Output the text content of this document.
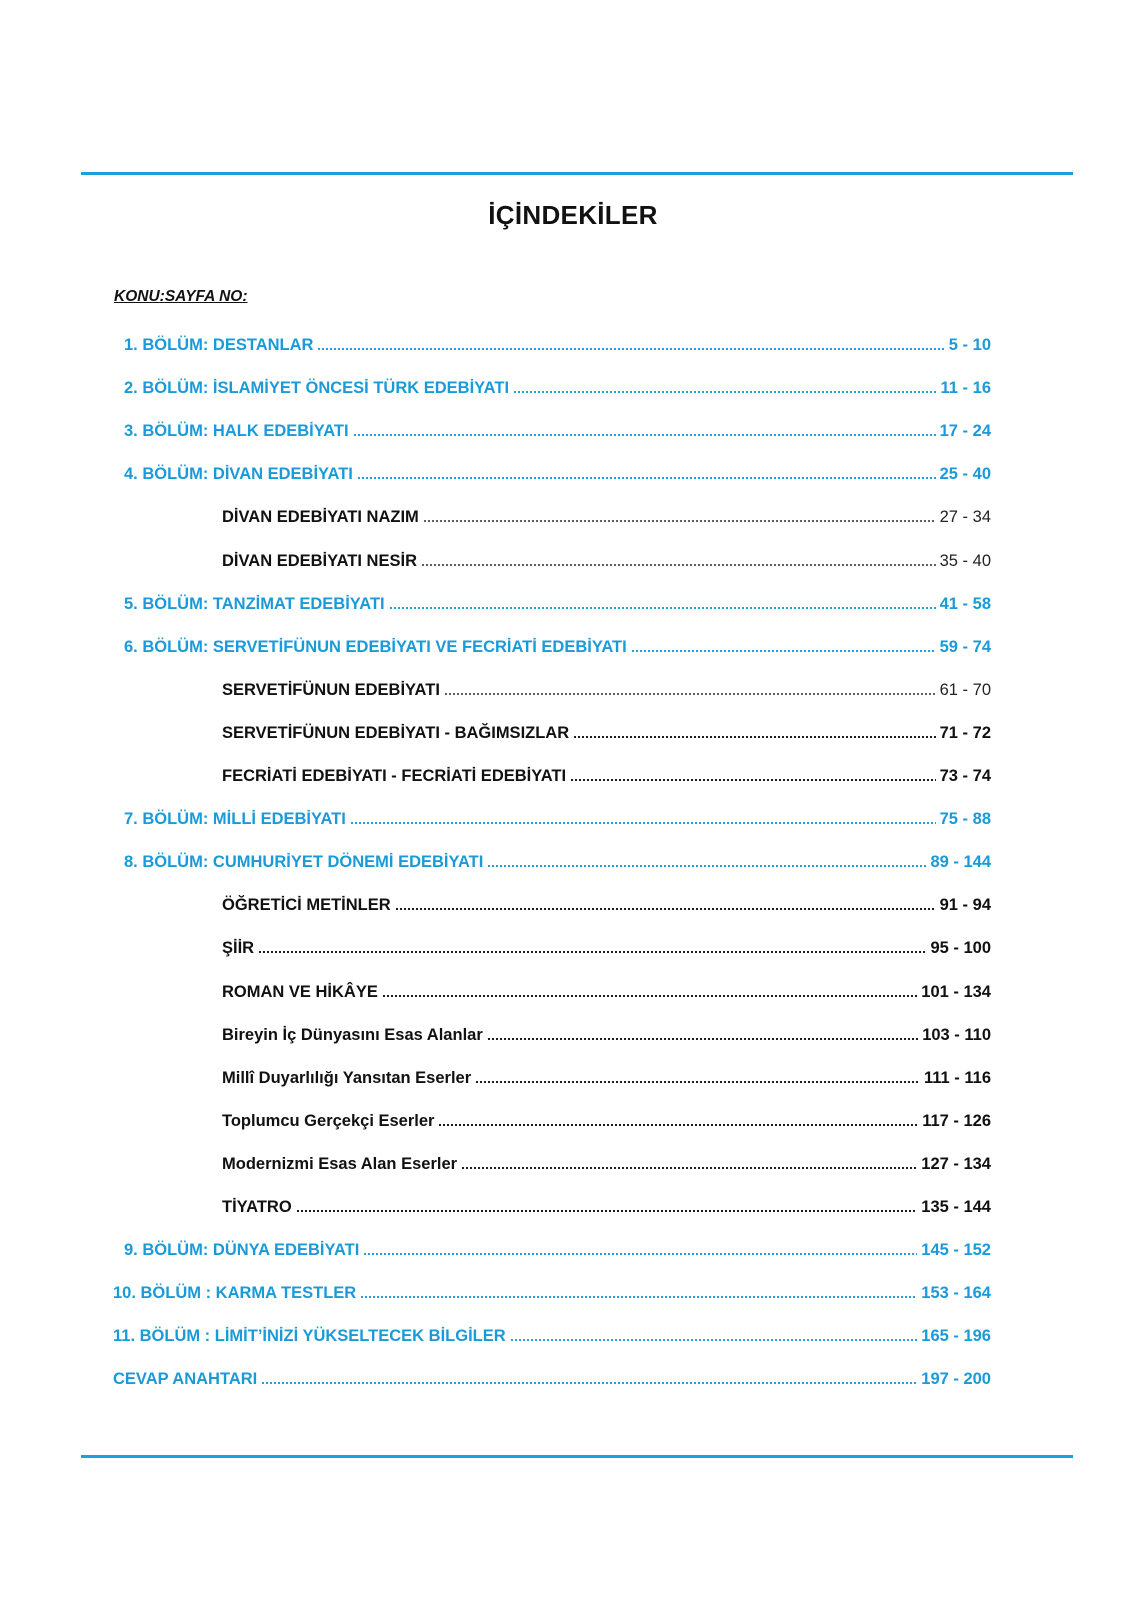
İÇİNDEKİLER
KONU:SAYFA NO:
1. BÖLÜM: DESTANLAR	5 - 10
2. BÖLÜM: İSLAMİYET ÖNCESİ TÜRK EDEBİYATI	11 - 16
3. BÖLÜM: HALK EDEBİYATI	17 - 24
4. BÖLÜM: DİVAN EDEBİYATI	25 - 40
DİVAN EDEBİYATI NAZIM	27 - 34
DİVAN EDEBİYATI NESİR	35 - 40
5. BÖLÜM: TANZİMAT EDEBİYATI	41 - 58
6. BÖLÜM: SERVETİFÜNUN EDEBİYATI VE FECRİATİ EDEBİYATI	59 - 74
SERVETİFÜNUN EDEBİYATI	61 - 70
SERVETİFÜNUN EDEBİYATI - BAĞIMSIZLAR	71 - 72
FECRİATİ EDEBİYATI - FECRİATİ EDEBİYATI	73 - 74
7. BÖLÜM: MİLLİ EDEBİYATI	75 - 88
8. BÖLÜM: CUMHURİYET DÖNEMİ EDEBİYATI	89 - 144
ÖĞRETİCİ METİNLER	91 - 94
ŞİİR	95 - 100
ROMAN VE HİKÂYE	101 - 134
Bireyin İç Dünyasını Esas Alanlar	103 - 110
Millî Duyarlılığı Yansıtan Eserler	111 - 116
Toplumcu Gerçekçi Eserler	117 - 126
Modernizmi Esas Alan Eserler	127 - 134
TİYATRO	135 - 144
9. BÖLÜM: DÜNYA EDEBİYATI	145 - 152
10. BÖLÜM : KARMA TESTLER	153 - 164
11. BÖLÜM : LİMİT’İNİZİ YÜKSELTECEK BİLGİLER	165 - 196
CEVAP ANAHTARI	197 - 200
